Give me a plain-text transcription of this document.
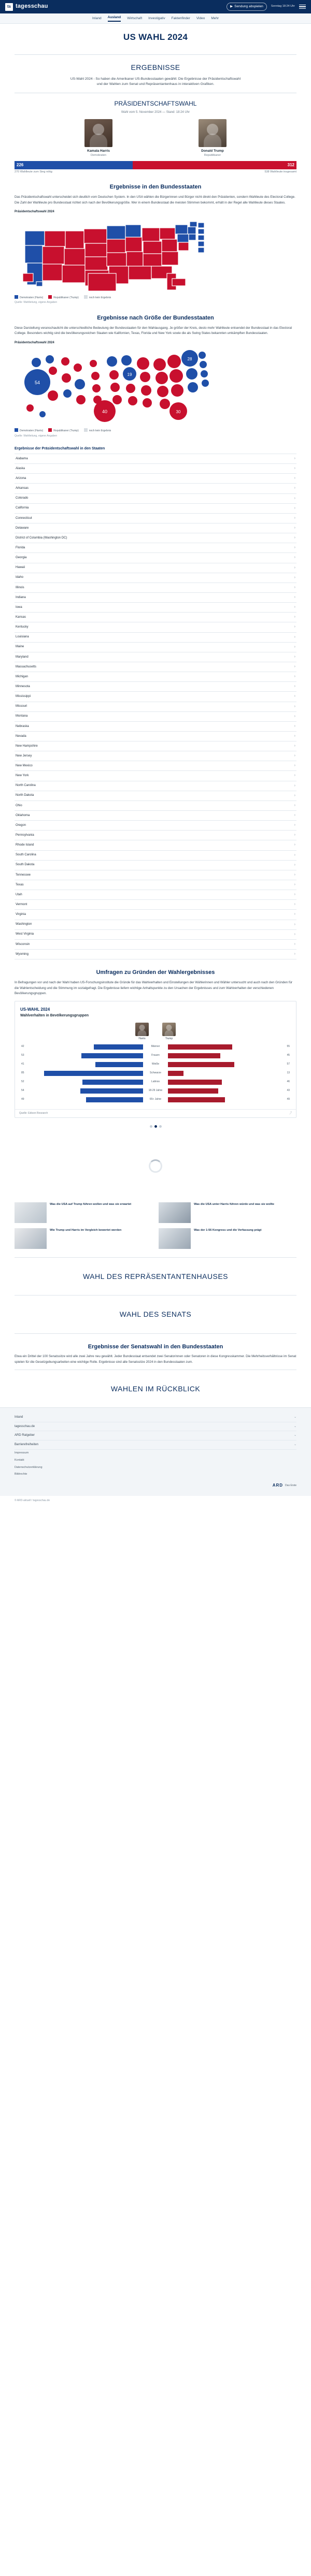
ts tagesschau	▶ Sendung abspielen	Sonntag 18:24 Uhr
Inland Ausland Wirtschaft Investigativ Faktenfinder Video Mehr
US WAHL 2024
ERGEBNISSE

US-Wahl 2024 - So haben die Amerikaner US-Bundesstaaten gewählt: Die Ergebnisse der Präsidentschaftswahl und der Wahlen zum Senat und Repräsentantenhaus in interaktiven Grafiken.

PRÄSIDENTSCHAFTSWAHL
Wahl vom 5. November 2024 — Stand: 18:24 Uhr
Kamala Harris
Demokraten
Donald Trump
Republikaner
226	312
270 Wahlleute zum Sieg nötig	538 Wahlleute insgesamt
Ergebnisse in den Bundesstaaten

Das Präsidentschaftswahl unterscheidet sich deutlich vom Deutschen System. In den USA wählen die Bürgerinnen und Bürger nicht direkt den Präsidenten, sondern Wahlleute des Electoral College. Die Zahl der Wahlleute pro Bundesstaat richtet sich nach der Bevölkerungsgröße. Wer in einem Bundesstaat die meisten Stimmen bekommt, erhält in der Regel alle Wahlleute dieses Staates.

Präsidentschaftswahl 2024
Demokraten (Harris)	Republikaner (Trump)	noch kein Ergebnis
Quelle: Wahlleitung, eigene Angaben
Ergebnisse nach Größe der Bundesstaaten

Diese Darstellung veranschaulicht die unterschiedliche Bedeutung der Bundesstaaten für den Wahlausgang. Je größer der Kreis, desto mehr Wahlleute entsendet der Bundesstaat in das Electoral College. Besonders wichtig sind die bevölkerungsreichen Staaten wie Kalifornien, Texas, Florida und New York sowie die als Swing States bekannten umkämpften Bundesstaaten.

Präsidentschaftswahl 2024
54
40
19
30
28
Demokraten (Harris)	Republikaner (Trump)	noch kein Ergebnis
Quelle: Wahlleitung, eigene Angaben
Ergebnisse der Präsidentschaftswahl in den Staaten
Alabama	›
Alaska	›
Arizona	›
Arkansas	›
Colorado	›
California	›
Connecticut	›
Delaware	›
District of Columbia (Washington DC)	›
Florida	›
Georgia	›
Hawaii	›
Idaho	›
Illinois	›
Indiana	›
Iowa	›
Kansas	›
Kentucky	›
Louisiana	›
Maine	›
Maryland	›
Massachusetts	›
Michigan	›
Minnesota	›
Mississippi	›
Missouri	›
Montana	›
Nebraska	›
Nevada	›
New Hampshire	›
New Jersey	›
New Mexico	›
New York	›
North Carolina	›
North Dakota	›
Ohio	›
Oklahoma	›
Oregon	›
Pennsylvania	›
Rhode Island	›
South Carolina	›
South Dakota	›
Tennessee	›
Texas	›
Utah	›
Vermont	›
Virginia	›
Washington	›
West Virginia	›
Wisconsin	›
Wyoming	›
Umfragen zu Gründen der Wahlergebnisses

In Befragungen vor und nach der Wahl haben US-Forschungsinstitute die Gründe für das Wahlverhalten und Einstellungen der Wählerinnen und Wähler untersucht und auch nach den Gründen für die Wahlentscheidung und die Stimmung im sozialgefragt. Die Ergebnisse liefern wichtige Anhaltspunkte zu den Ursachen der Ergebnisses und zum Wahlverhalten der verschiedenen Bevölkerungsgruppen.

US-WAHL 2024
Wahlverhalten in Bevölkerungsgruppen
Harris	Trump
42	Männer	55
53	Frauen	45
41	Weiße	57
85	Schwarze	13
52	Latinos	46
54	18-29 Jahre	43
49	65+ Jahre	49
Quelle: Edison Research	⤴
Was die USA auf Trump führen wollen und was sie erwartet	Was die USA unter Harris führen würde und was sie wollte
Wie Trump und Harris im Vergleich bewertet werden	Was der 1:56 Kongress und die Verfassung prägt
WAHL DES REPRÄSENTANTENHAUSES
WAHL DES SENATS
Ergebnisse der Senatswahl in den Bundesstaaten

Etwa ein Drittel der 100 Senatssitze wird alle zwei Jahre neu gewählt. Jeder Bundesstaat entsendet zwei Senatorinnen oder Senatoren in diese Kongresskammer. Die Mehrheitsverhältnisse im Senat spielen für die Gesetzgebungsarbeiten eine wichtige Rolle. Ergebnisse sind alle Senatssitze 2024 in den Bundesstaaten zum.

WAHLEN IM RÜCKBLICK
Inland	⌄
tagesschau.de	⌄
ARD Ratgeber	⌄
Barrierefreiheiten	⌄
Impressum
Kontakt
Datenschutzerklärung
Bildrechte
ARD Das Erste
© ARD-aktuell / tagesschau.de
